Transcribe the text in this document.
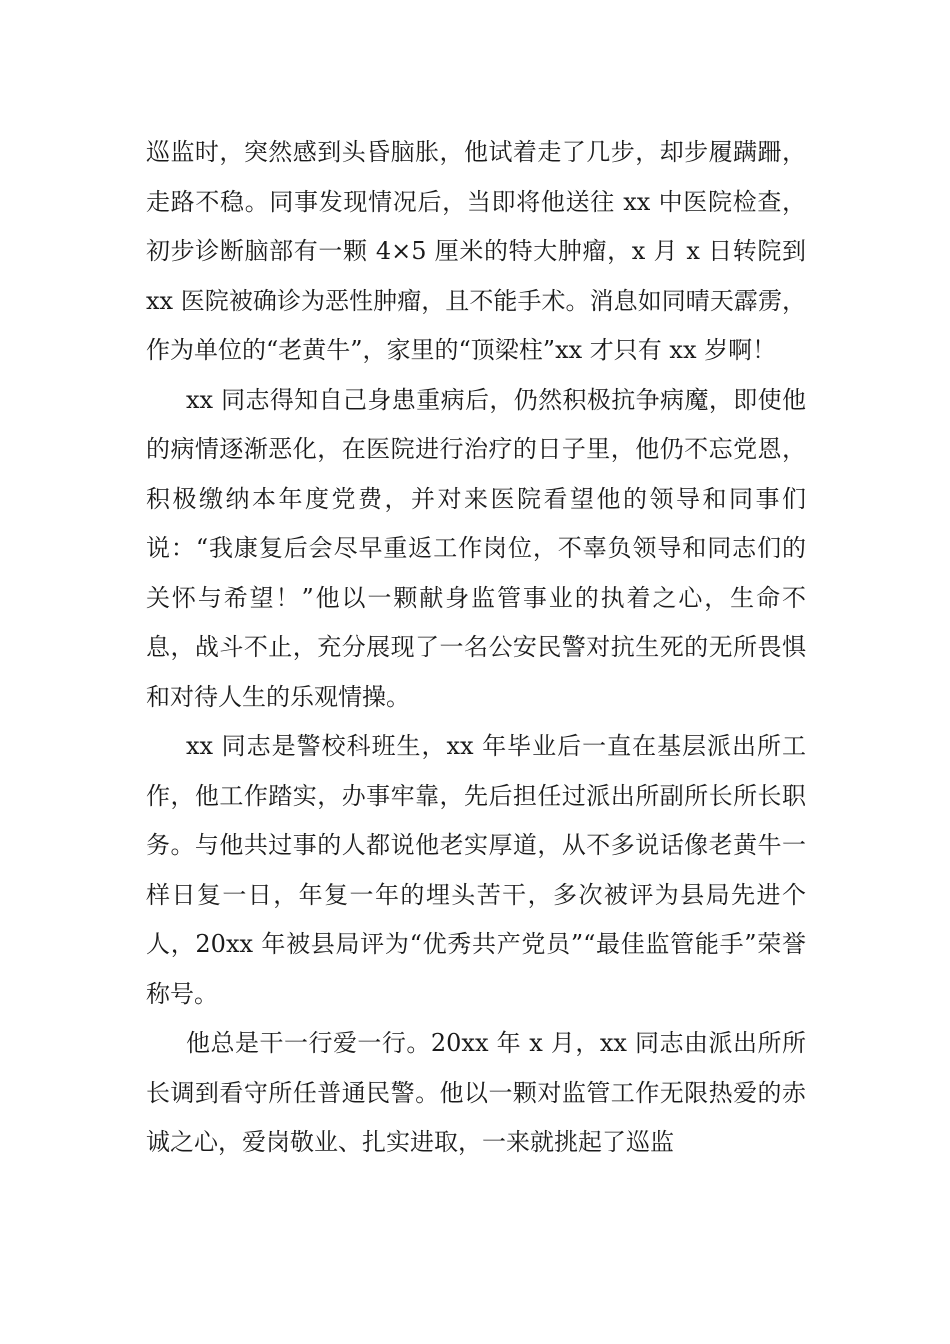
巡监时，突然感到头昏脑胀，他试着走了几步，却步履蹒跚，走路不稳。同事发现情况后，当即将他送往 xx 中医院检查，初步诊断脑部有一颗 4×5 厘米的特大肿瘤，x 月 x 日转院到 xx 医院被确诊为恶性肿瘤，且不能手术。消息如同晴天霹雳，作为单位的“老黄牛”，家里的“顶梁柱”xx 才只有 xx 岁啊！

xx 同志得知自己身患重病后，仍然积极抗争病魔，即使他的病情逐渐恶化，在医院进行治疗的日子里，他仍不忘党恩，积极缴纳本年度党费，并对来医院看望他的领导和同事们说：“我康复后会尽早重返工作岗位，不辜负领导和同志们的关怀与希望！”他以一颗献身监管事业的执着之心，生命不息，战斗不止，充分展现了一名公安民警对抗生死的无所畏惧和对待人生的乐观情操。

xx 同志是警校科班生，xx 年毕业后一直在基层派出所工作，他工作踏实，办事牢靠，先后担任过派出所副所长所长职务。与他共过事的人都说他老实厚道，从不多说话像老黄牛一样日复一日，年复一年的埋头苦干，多次被评为县局先进个人，20xx 年被县局评为“优秀共产党员”“最佳监管能手”荣誉称号。

他总是干一行爱一行。20xx 年 x 月，xx 同志由派出所所长调到看守所任普通民警。他以一颗对监管工作无限热爱的赤诚之心，爱岗敬业、扎实进取，一来就挑起了巡监
